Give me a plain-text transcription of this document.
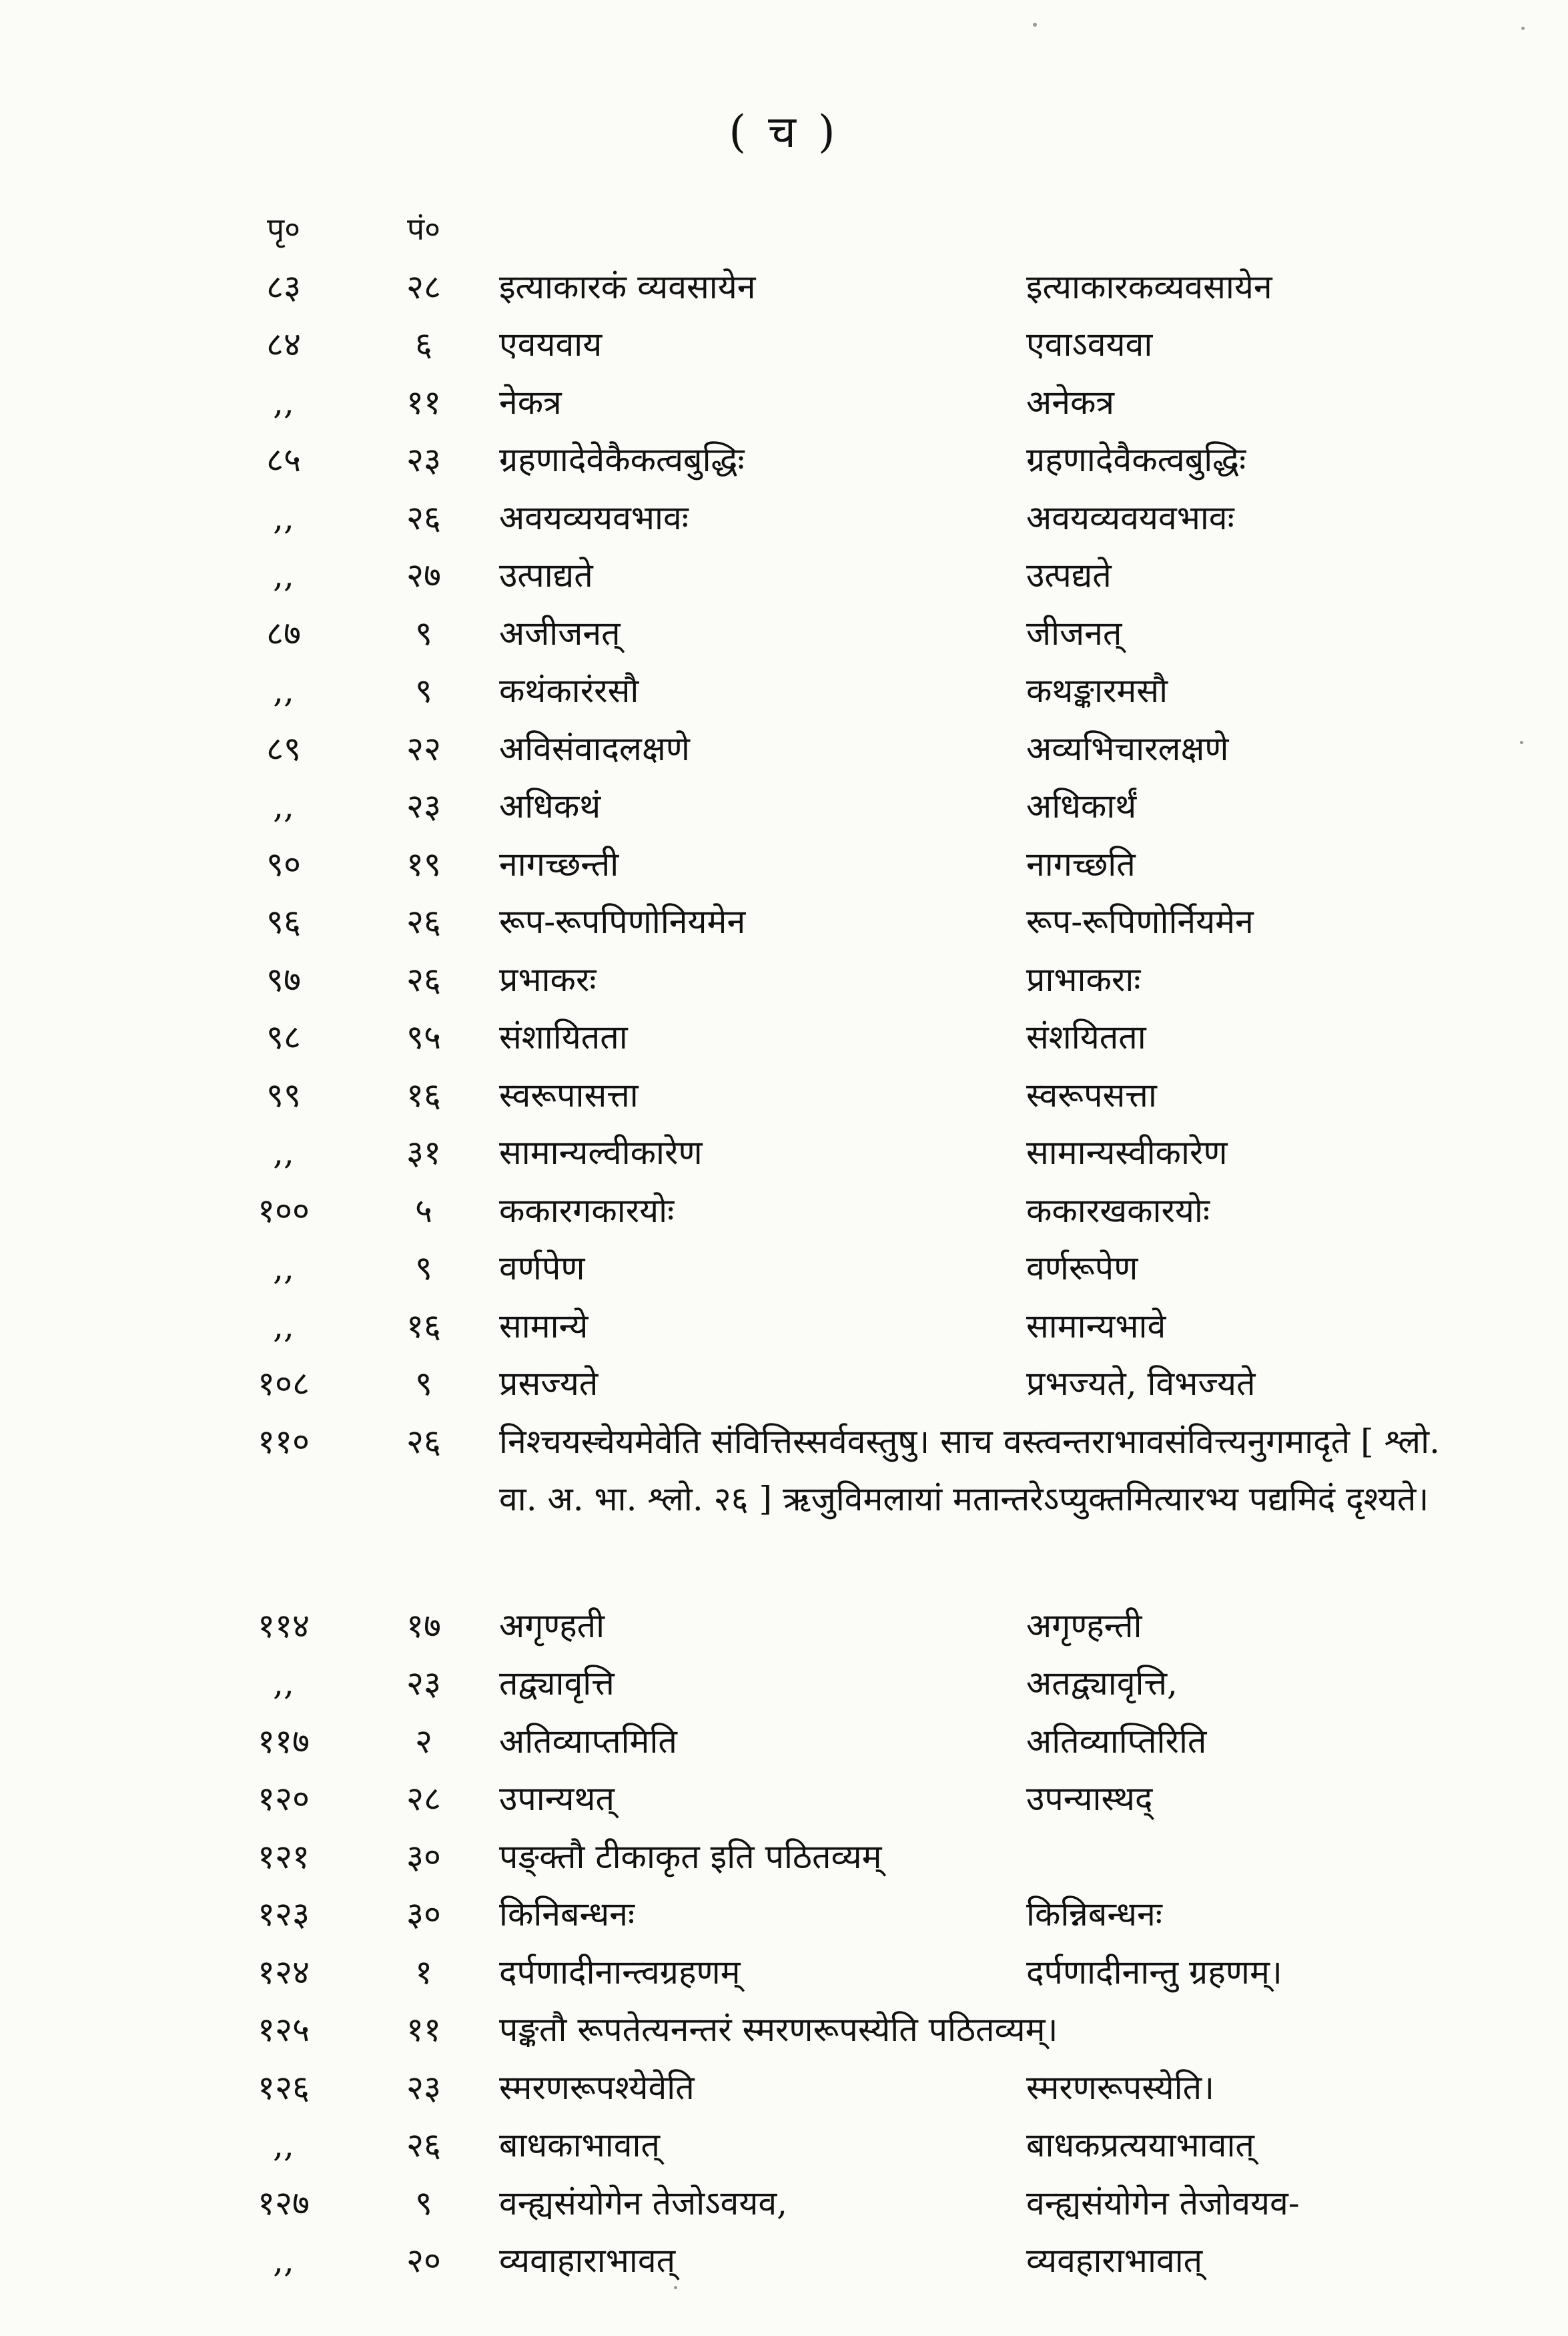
( च )
पृ०	पं०
८३	२८	इत्याकारकं व्यवसायेन	इत्याकारकव्यवसायेन
८४	६	एवयवाय	एवाऽवयवा
,,	११	नेकत्र	अनेकत्र
८५	२३	ग्रहणादेवेकैकत्वबुद्धिः	ग्रहणादेवैकत्वबुद्धिः
,,	२६	अवयव्ययवभावः	अवयव्यवयवभावः
,,	२७	उत्पाद्यते	उत्पद्यते
८७	९	अजीजनत्	जीजनत्
,,	९	कथंकारंरसौ	कथङ्कारमसौ
८९	२२	अविसंवादलक्षणे	अव्यभिचारलक्षणे
,,	२३	अधिकथं	अधिकार्थं
९०	१९	नागच्छन्ती	नागच्छति
९६	२६	रूप-रूपपिणोनियमेन	रूप-रूपिणोर्नियमेन
९७	२६	प्रभाकरः	प्राभाकराः
९८	९५	संशायितता	संशयितता
९९	१६	स्वरूपासत्ता	स्वरूपसत्ता
,,	३१	सामान्यल्वीकारेण	सामान्यस्वीकारेण
१००	५	ककारगकारयोः	ककारखकारयोः
,,	९	वर्णपेण	वर्णरूपेण
,,	१६	सामान्ये	सामान्यभावे
१०८	९	प्रसज्यते	प्रभज्यते, विभज्यते
११०	२६	निश्चयस्चेयमेवेति संवित्तिस्सर्ववस्तुषु। साच वस्त्वन्तराभावसंवित्त्यनुगमादृते [ श्लो. वा. अ. भा. श्लो. २६ ] ऋजुविमलायां मतान्तरेऽप्युक्तमित्यारभ्य पद्यमिदं दृश्यते।
११४	१७	अगृण्हती	अगृण्हन्ती
,,	२३	तद्व्यावृत्ति	अतद्व्यावृत्ति,
११७	२	अतिव्याप्तमिति	अतिव्याप्तिरिति
१२०	२८	उपान्यथत्	उपन्यास्थद्
१२१	३०	पङ्क्तौ टीकाकृत इति पठितव्यम्
१२३	३०	किनिबन्धनः	किन्निबन्धनः
१२४	१	दर्पणादीनान्त्वग्रहणम्	दर्पणादीनान्तु ग्रहणम्।
१२५	११	पङ्कतौ रूपतेत्यनन्तरं स्मरणरूपस्येति पठितव्यम्।
१२६	२३	स्मरणरूपश्येवेति	स्मरणरूपस्येति।
,,	२६	बाधकाभावात्	बाधकप्रत्ययाभावात्
१२७	९	वन्ह्यसंयोगेन तेजोऽवयव,	वन्ह्यसंयोगेन तेजोवयव-
,,	२०	व्यवाहाराभावत्	व्यवहाराभावात्
